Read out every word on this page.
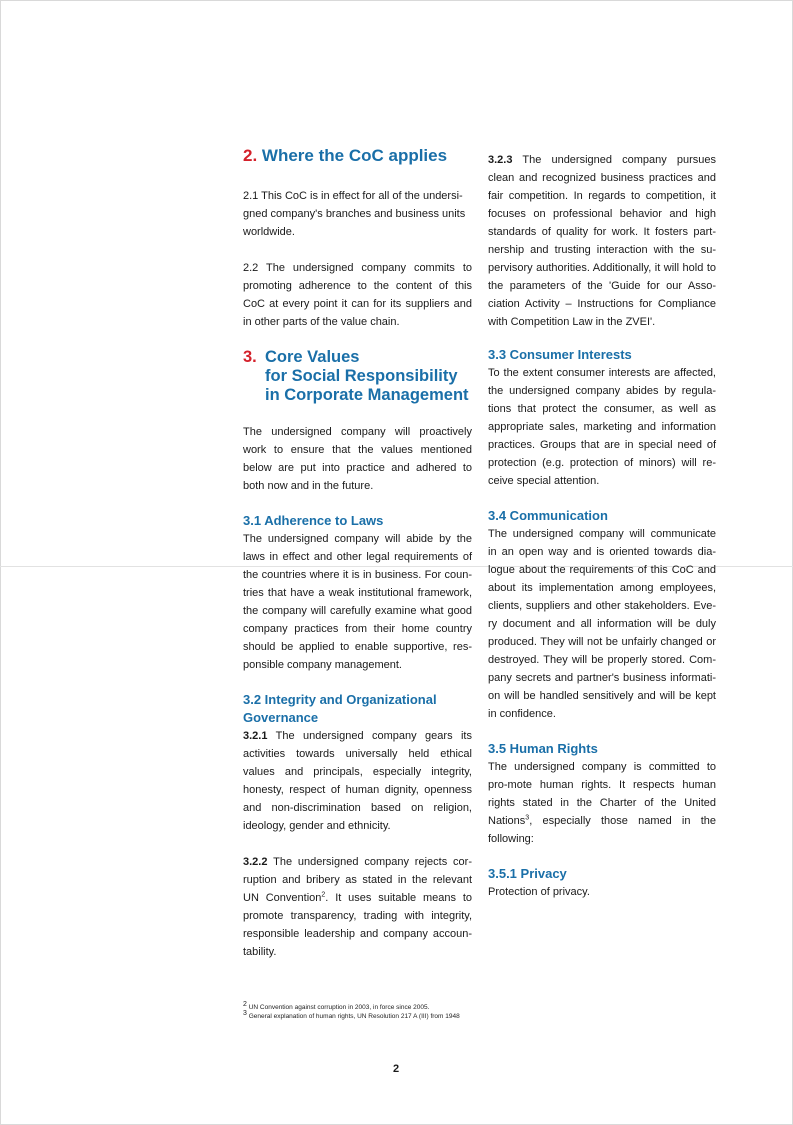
2. Where the CoC applies

2.1 This CoC is in effect for all of the undersi-gned company's branches and business units worldwide.

2.2 The undersigned company commits to promoting adherence to the content of this CoC at every point it can for its suppliers and in other parts of the value chain.

3. Core Values
for Social Responsibility
in Corporate Management

The undersigned company will proactively work to ensure that the values mentioned below are put into practice and adhered to both now and in the future.

3.1 Adherence to Laws

The undersigned company will abide by the laws in effect and other legal requirements of the countries where it is in business. For coun-tries that have a weak institutional framework, the company will carefully examine what good company practices from their home country should be applied to enable supportive, res-ponsible company management.

3.2 Integrity and Organizational Governance

3.2.1 The undersigned company gears its activities towards universally held ethical values and principals, especially integrity, honesty, respect of human dignity, openness and non-discrimination based on religion, ideology, gender and ethnicity.

3.2.2 The undersigned company rejects cor-ruption and bribery as stated in the relevant UN Convention$^2$. It uses suitable means to promote transparency, trading with integrity, responsible leadership and company accoun-tability.

3.2.3 The undersigned company pursues clean and recognized business practices and fair competition. In regards to competition, it focuses on professional behavior and high standards of quality for work. It fosters part-nership and trusting interaction with the su-pervisory authorities. Additionally, it will hold to the parameters of the 'Guide for our Asso-ciation Activity – Instructions for Compliance with Competition Law in the ZVEI'.

3.3 Consumer Interests

To the extent consumer interests are affected, the undersigned company abides by regula-tions that protect the consumer, as well as appropriate sales, marketing and information practices. Groups that are in special need of protection (e.g. protection of minors) will re-ceive special attention.

3.4 Communication

The undersigned company will communicate in an open way and is oriented towards dia-logue about the requirements of this CoC and about its implementation among employees, clients, suppliers and other stakeholders. Eve-ry document and all information will be duly produced. They will not be unfairly changed or destroyed. They will be properly stored. Com-pany secrets and partner's business informati-on will be handled sensitively and will be kept in confidence.

3.5 Human Rights

The undersigned company is committed to pro-mote human rights. It respects human rights stated in the Charter of the United Nations$^3$, especially those named in the following:

3.5.1 Privacy

Protection of privacy.

$^2$ UN Convention against corruption in 2003, in force since 2005.
$^3$ General explanation of human rights, UN Resolution 217 A (III) from 1948
2
